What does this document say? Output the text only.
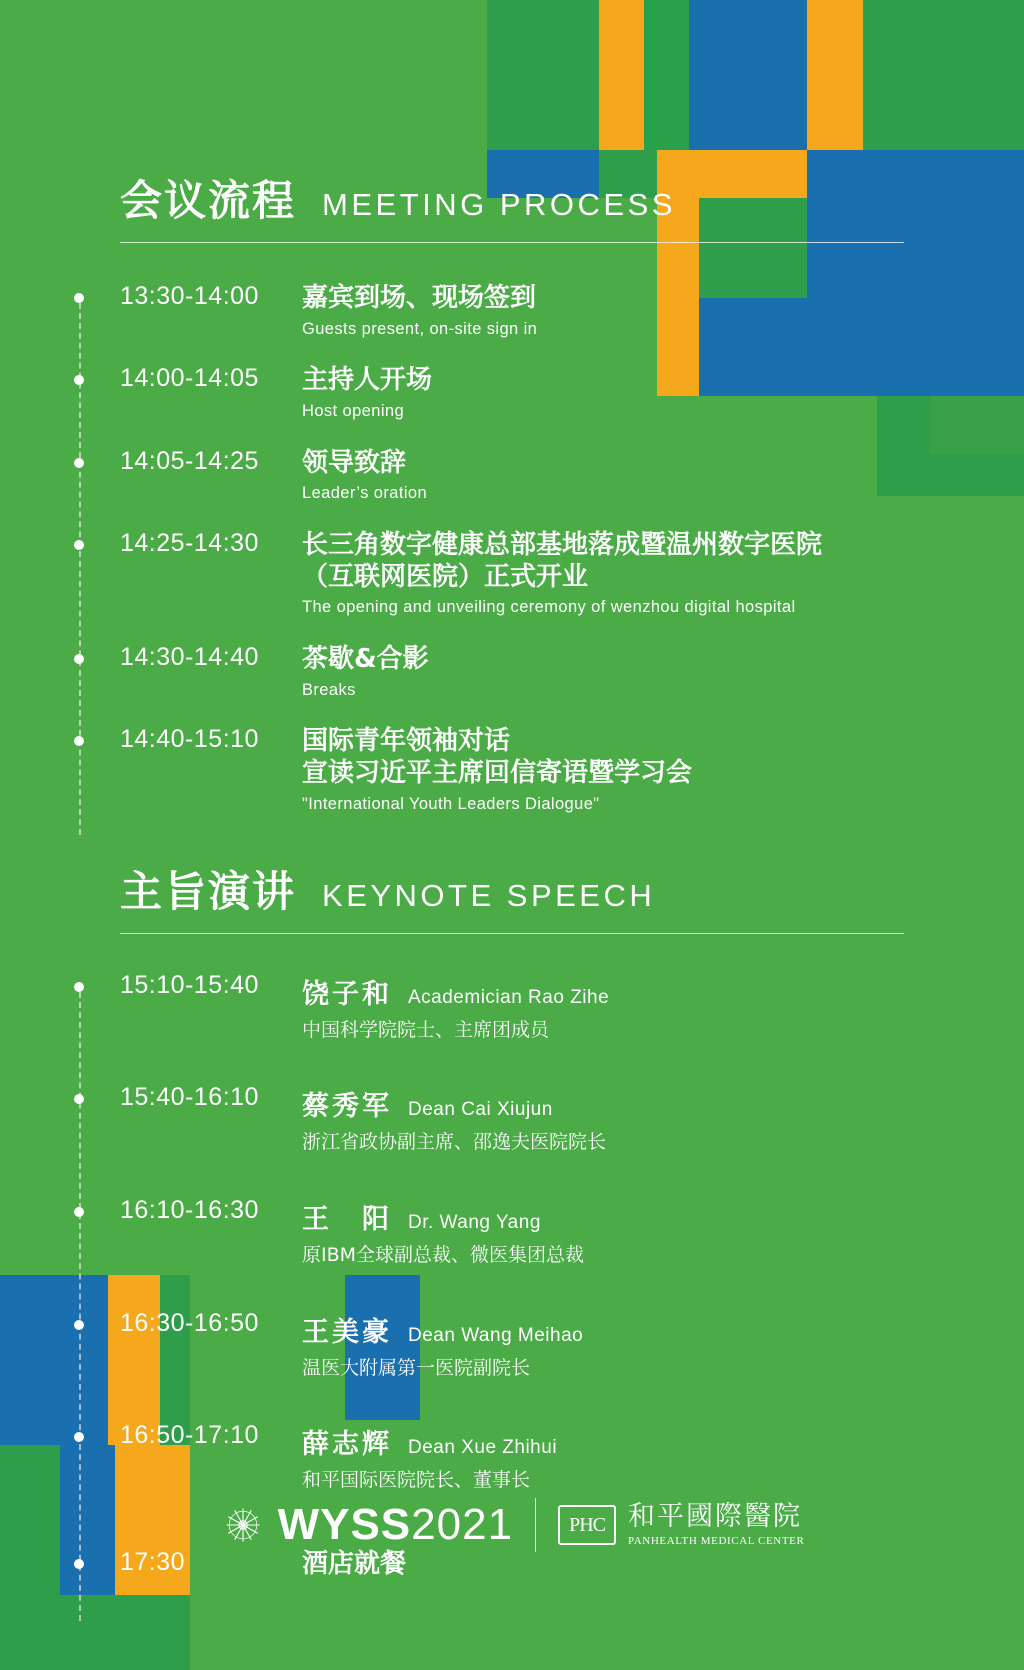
会议流程 MEETING PROCESS
13:30-14:00	嘉宾到场、现场签到
Guests present, on-site sign in
14:00-14:05	主持人开场
Host opening
14:05-14:25	领导致辞
Leader’s oration
14:25-14:30	长三角数字健康总部基地落成暨温州数字医院
（互联网医院）正式开业
The opening and unveiling ceremony of wenzhou digital hospital
14:30-14:40	茶歇&合影
Breaks
14:40-15:10	国际青年领袖对话
宣读习近平主席回信寄语暨学习会
"International Youth Leaders Dialogue"
主旨演讲 KEYNOTE SPEECH
15:10-15:40	饶子和 Academician Rao Zihe
中国科学院院士、主席团成员
15:40-16:10	蔡秀军 Dean Cai Xiujun
浙江省政协副主席、邵逸夫医院院长
16:10-16:30	王　阳 Dr. Wang Yang
原IBM全球副总裁、微医集团总裁
16:30-16:50	王美豪 Dean Wang Meihao
温医大附属第一医院副院长
16:50-17:10	薛志辉 Dean Xue Zhihui
和平国际医院院长、董事长
17:30	酒店就餐
WYSS2021	PHC 和平國際醫院
PANHEALTH MEDICAL CENTER
